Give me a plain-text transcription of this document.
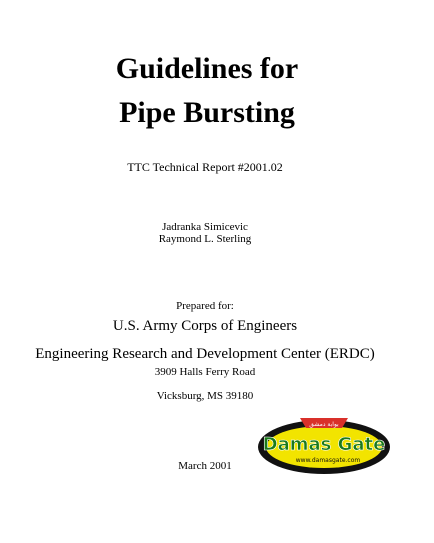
Guidelines for
Pipe Bursting
TTC Technical Report #2001.02
Jadranka Simicevic
Raymond L. Sterling
Prepared for:
U.S. Army Corps of Engineers
Engineering Research and Development Center (ERDC)
3909 Halls Ferry Road
Vicksburg, MS 39180
March 2001
بوابة دمشق
Damas Gate
www.damasgate.com
